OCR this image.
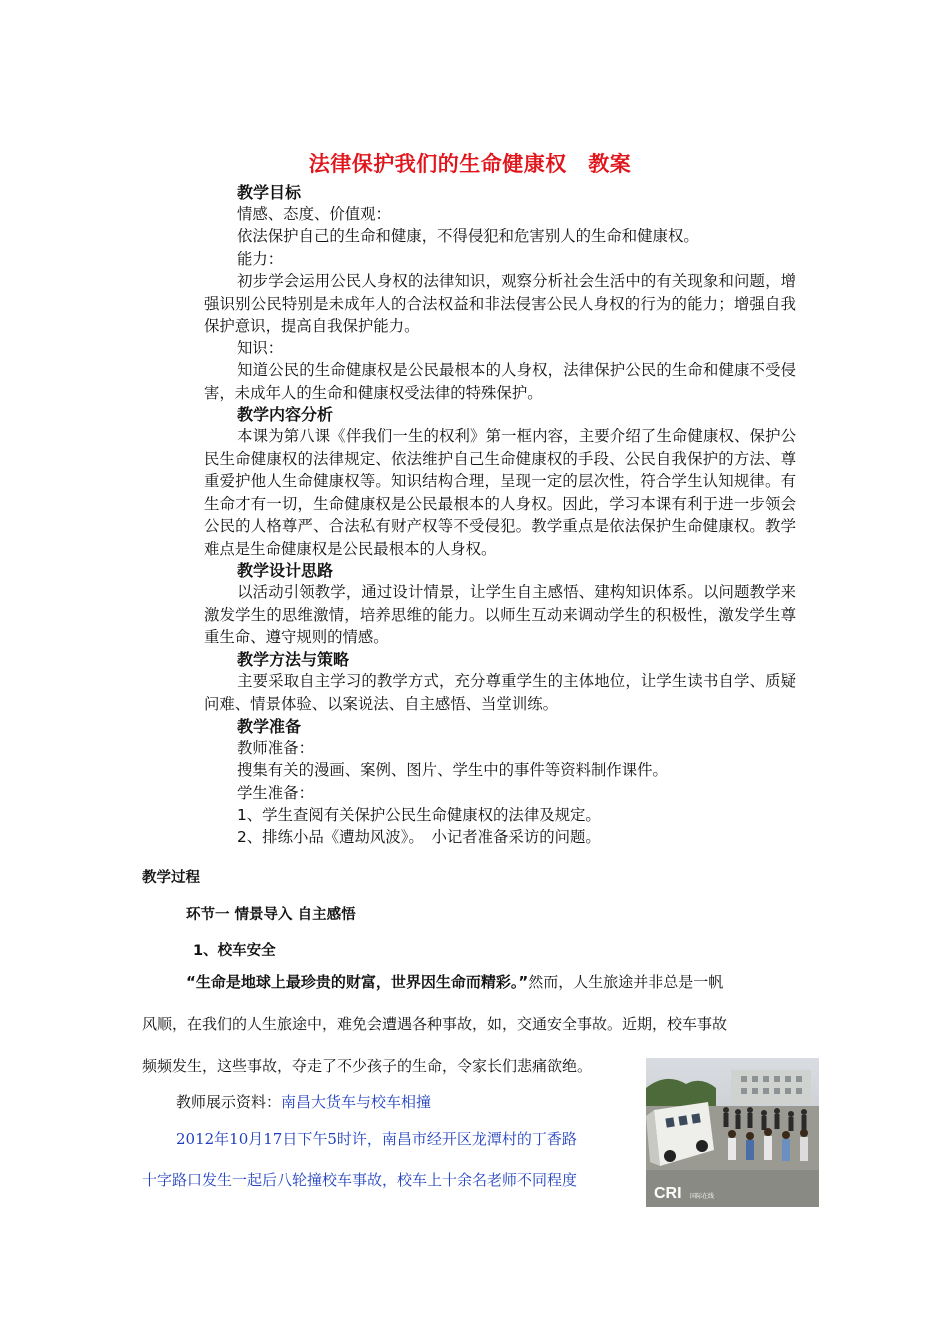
法律保护我们的生命健康权　教案
教学目标
情感、态度、价值观：
依法保护自己的生命和健康，不得侵犯和危害别人的生命和健康权。
能力：
初步学会运用公民人身权的法律知识，观察分析社会生活中的有关现象和问题，增强识别公民特别是未成年人的合法权益和非法侵害公民人身权的行为的能力；增强自我保护意识，提高自我保护能力。
知识：
知道公民的生命健康权是公民最根本的人身权，法律保护公民的生命和健康不受侵害，未成年人的生命和健康权受法律的特殊保护。
教学内容分析
本课为第八课《伴我们一生的权利》第一框内容，主要介绍了生命健康权、保护公民生命健康权的法律规定、依法维护自己生命健康权的手段、公民自我保护的方法、尊重爱护他人生命健康权等。知识结构合理，呈现一定的层次性，符合学生认知规律。有生命才有一切，生命健康权是公民最根本的人身权。因此，学习本课有利于进一步领会公民的人格尊严、合法私有财产权等不受侵犯。教学重点是依法保护生命健康权。教学难点是生命健康权是公民最根本的人身权。
教学设计思路
以活动引领教学，通过设计情景，让学生自主感悟、建构知识体系。以问题教学来激发学生的思维激情，培养思维的能力。以师生互动来调动学生的积极性，激发学生尊重生命、遵守规则的情感。
教学方法与策略
主要采取自主学习的教学方式，充分尊重学生的主体地位，让学生读书自学、质疑问难、情景体验、以案说法、自主感悟、当堂训练。
教学准备
教师准备：
搜集有关的漫画、案例、图片、学生中的事件等资料制作课件。
学生准备：
1、学生查阅有关保护公民生命健康权的法律及规定。
2、排练小品《遭劫风波》。　小记者准备采访的问题。
教学过程
环节一 情景导入 自主感悟
1、校车安全
“生命是地球上最珍贵的财富，世界因生命而精彩。”然而，人生旅途并非总是一帆
风顺，在我们的人生旅途中，难免会遭遇各种事故，如，交通安全事故。近期，校车事故
频频发生，这些事故，夺走了不少孩子的生命，令家长们悲痛欲绝。
教师展示资料：南昌大货车与校车相撞
2012年10月17日下午5时许，南昌市经开区龙潭村的丁香路
十字路口发生一起后八轮撞校车事故，校车上十余名老师不同程度
CRI 国际在线
